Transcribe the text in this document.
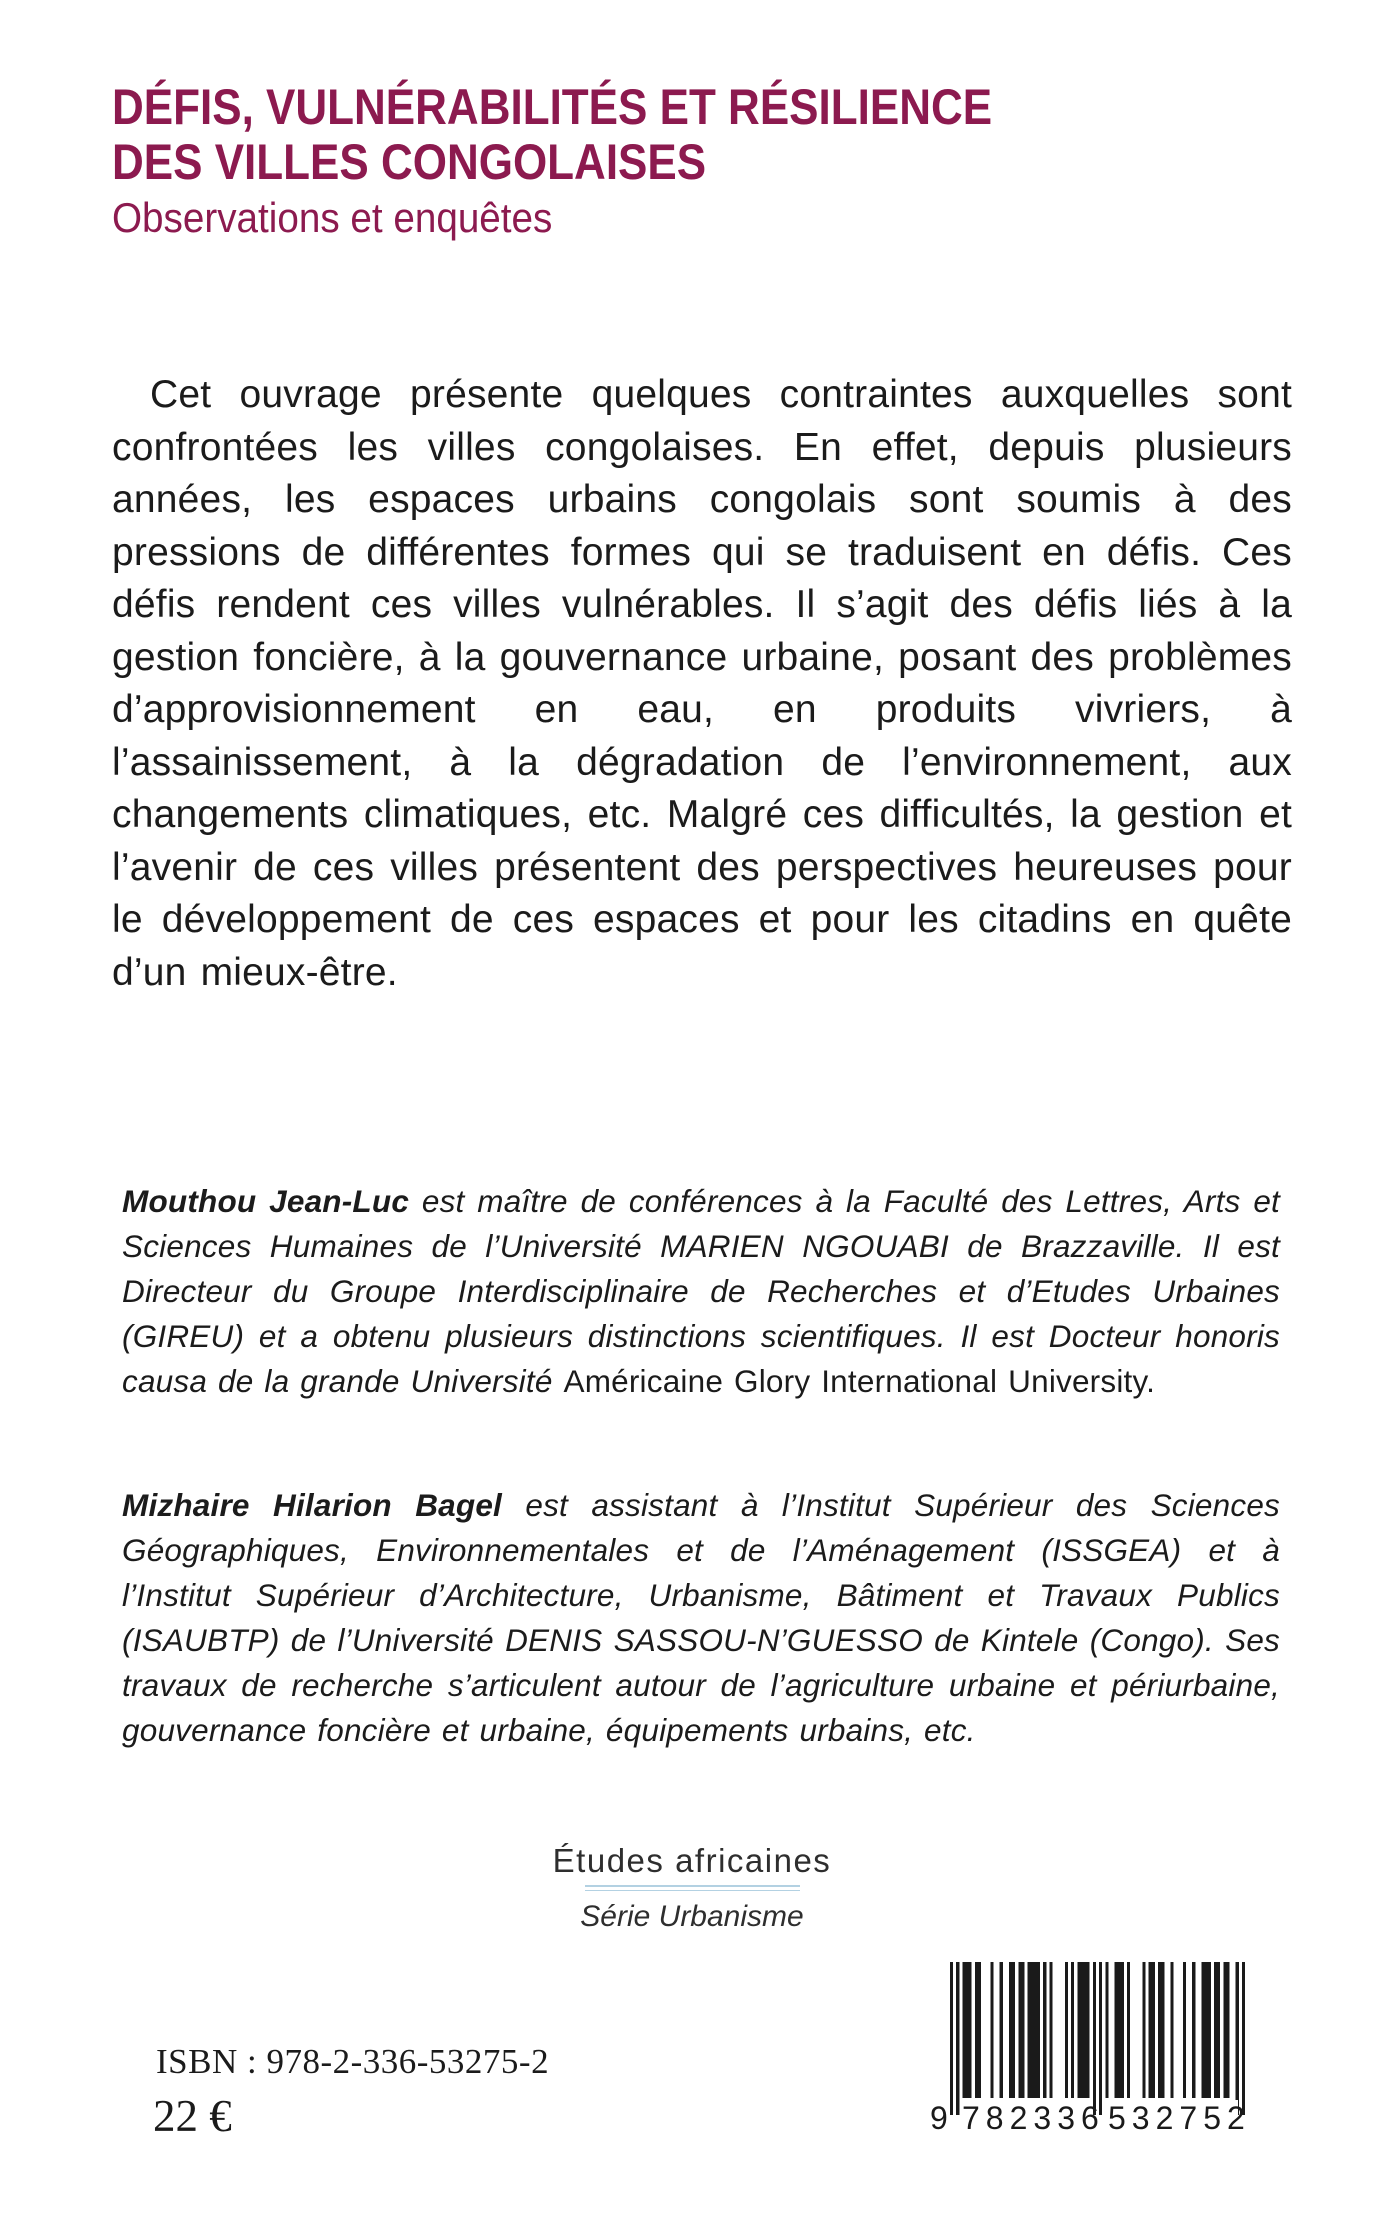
DÉFIS, VULNÉRABILITÉS ET RÉSILIENCE
DES VILLES CONGOLAISES
Observations et enquêtes

Cet ouvrage présente quelques contraintes auxquelles sont confrontées les villes congolaises. En effet, depuis plusieurs années, les espaces urbains congolais sont soumis à des pressions de différentes formes qui se traduisent en défis. Ces défis rendent ces villes vulnérables. Il s’agit des défis liés à la gestion foncière, à la gouvernance urbaine, posant des problèmes d’approvisionnement en eau, en produits vivriers, à l’assainissement, à la dégradation de l’environnement, aux changements climatiques, etc. Malgré ces difficultés, la gestion et l’avenir de ces villes présentent des perspectives heureuses pour le développement de ces espaces et pour les citadins en quête d’un mieux-être.

Mouthou Jean-Luc est maître de conférences à la Faculté des Lettres, Arts et Sciences Humaines de l’Université MARIEN NGOUABI de Brazzaville. Il est Directeur du Groupe Interdisciplinaire de Recherches et d’Etudes Urbaines (GIREU) et a obtenu plusieurs distinctions scientifiques. Il est Docteur honoris causa de la grande Université Américaine Glory International University.

Mizhaire Hilarion Bagel est assistant à l’Institut Supérieur des Sciences Géographiques, Environnementales et de l’Aménagement (ISSGEA) et à l’Institut Supérieur d’Architecture, Urbanisme, Bâtiment et Travaux Publics (ISAUBTP) de l’Université DENIS SASSOU-N’GUESSO de Kintele (Congo). Ses travaux de recherche s’articulent autour de l’agriculture urbaine et périurbaine, gouvernance foncière et urbaine, équipements urbains, etc.

Études africaines
Série Urbanisme
9 782336 532752
ISBN : 978-2-336-53275-2
22 €
